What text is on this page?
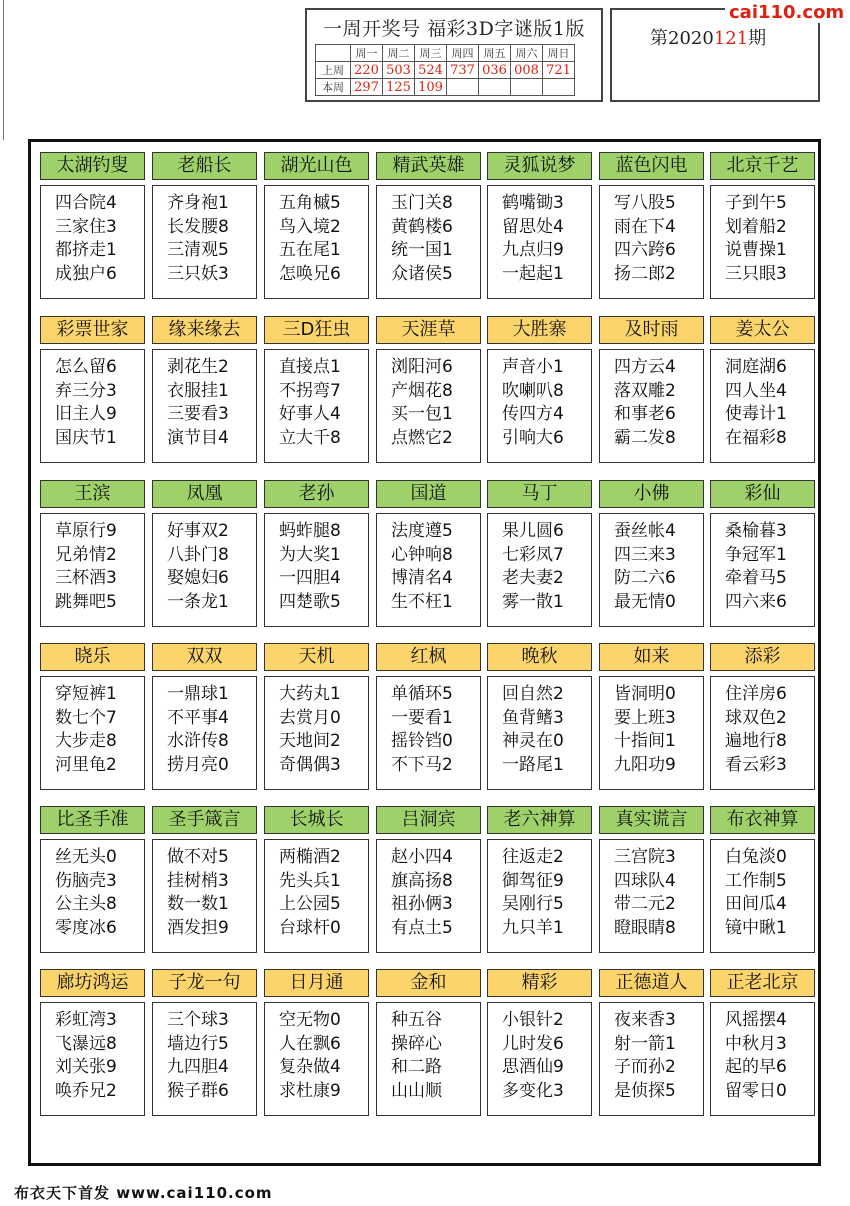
一周开奖号 福彩3D字谜版1版
	周一	周二	周三	周四	周五	周六	周日
上周	220	503	524	737	036	008	721
本周	297	125	109				
第2020121期
cai110.com
太湖钓叟
四合院4
三家住3
都挤走1
成独户6
老船长
齐身袍1
长发腰8
三清观5
三只妖3
湖光山色
五角槭5
鸟入境2
五在尾1
怎唤兄6
精武英雄
玉门关8
黄鹤楼6
统一国1
众诸侯5
灵狐说梦
鹤嘴锄3
留思处4
九点归9
一起起1
蓝色闪电
写八股5
雨在下4
四六跨6
扬二郎2
北京千艺
子到午5
划着船2
说曹操1
三只眼3
彩票世家
怎么留6
弃三分3
旧主人9
国庆节1
缘来缘去
剥花生2
衣服挂1
三要看3
演节目4
三D狂虫
直接点1
不拐弯7
好事人4
立大千8
天涯草
浏阳河6
产烟花8
买一包1
点燃它2
大胜寨
声音小1
吹喇叭8
传四方4
引响大6
及时雨
四方云4
落双雕2
和事老6
霸二发8
姜太公
洞庭湖6
四人坐4
使毒计1
在福彩8
王滨
草原行9
兄弟情2
三杯酒3
跳舞吧5
凤凰
好事双2
八卦门8
娶媳妇6
一条龙1
老孙
蚂蚱腿8
为大奖1
一四胆4
四楚歌5
国道
法度遵5
心钟响8
博清名4
生不枉1
马丁
果儿圆6
七彩凤7
老夫妻2
雾一散1
小佛
蚕丝帐4
四三来3
防二六6
最无情0
彩仙
桑榆暮3
争冠军1
牵着马5
四六来6
晓乐
穿短裤1
数七个7
大步走8
河里龟2
双双
一鼎球1
不平事4
水浒传8
捞月亮0
天机
大药丸1
去赏月0
天地间2
奇偶偶3
红枫
单循环5
一要看1
摇铃铛0
不下马2
晚秋
回自然2
鱼背鳍3
神灵在0
一路尾1
如来
皆洞明0
要上班3
十指间1
九阳功9
添彩
住洋房6
球双色2
遍地行8
看云彩3
比圣手准
丝无头0
伤脑壳3
公主头8
零度冰6
圣手箴言
做不对5
挂树梢3
数一数1
酒发担9
长城长
两椭酒2
先头兵1
上公园5
台球杆0
吕洞宾
赵小四4
旗高扬8
祖孙俩3
有点土5
老六神算
往返走2
御驾征9
吴刚行5
九只羊1
真实谎言
三宫院3
四球队4
带二元2
瞪眼睛8
布衣神算
白兔淡0
工作制5
田间瓜4
镜中瞅1
廊坊鸿运
彩虹湾3
飞瀑远8
刘关张9
唤乔兄2
子龙一句
三个球3
墙边行5
九四胆4
猴子群6
日月通
空无物0
人在飘6
复杂做4
求杜康9
金和
种五谷
操碎心
和二路
山山顺
精彩
小银针2
儿时发6
思酒仙9
多变化3
正德道人
夜来香3
射一箭1
子而孙2
是侦探5
正老北京
风摇摆4
中秋月3
起的早6
留零日0
布衣天下首发 www.cai110.com
